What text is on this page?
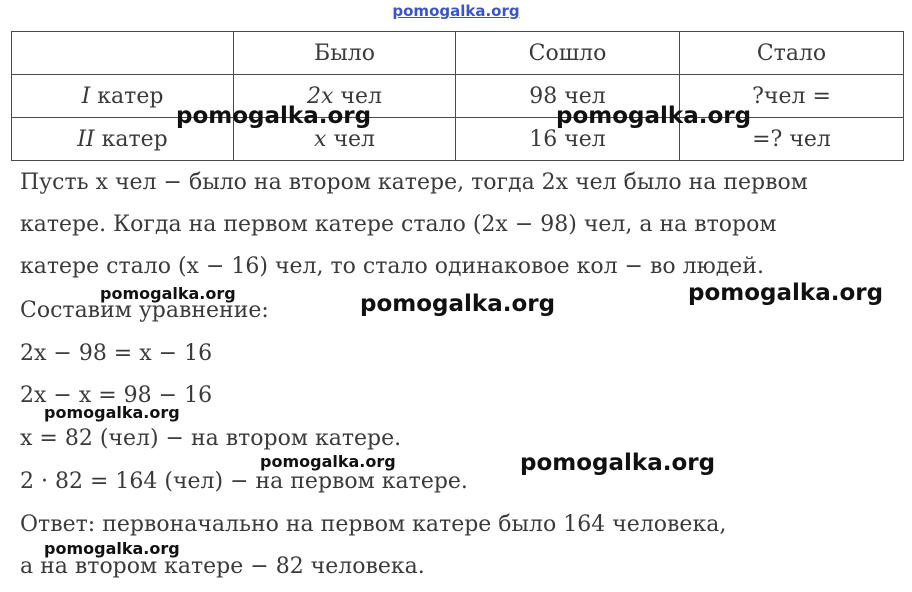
pomogalka.org
	Было	Сошло	Стало
I катер	2x чел	98 чел	?чел =
II катер	x чел	16 чел	=? чел
Пусть x чел − было на втором катере, тогда 2x чел было на первом
катере. Когда на первом катере стало (2x − 98) чел, а на втором
катере стало (x − 16) чел, то стало одинаковое кол − во людей.
Составим уравнение:
2x − 98 = x − 16
2x − x = 98 − 16
x = 82 (чел) − на втором катере.
2 · 82 = 164 (чел) − на первом катере.
Ответ: первоначально на первом катере было 164 человека,
а на втором катере − 82 человека.
pomogalka.org	pomogalka.org
pomogalka.org	pomogalka.org	pomogalka.org
pomogalka.org
pomogalka.org	pomogalka.org
pomogalka.org
